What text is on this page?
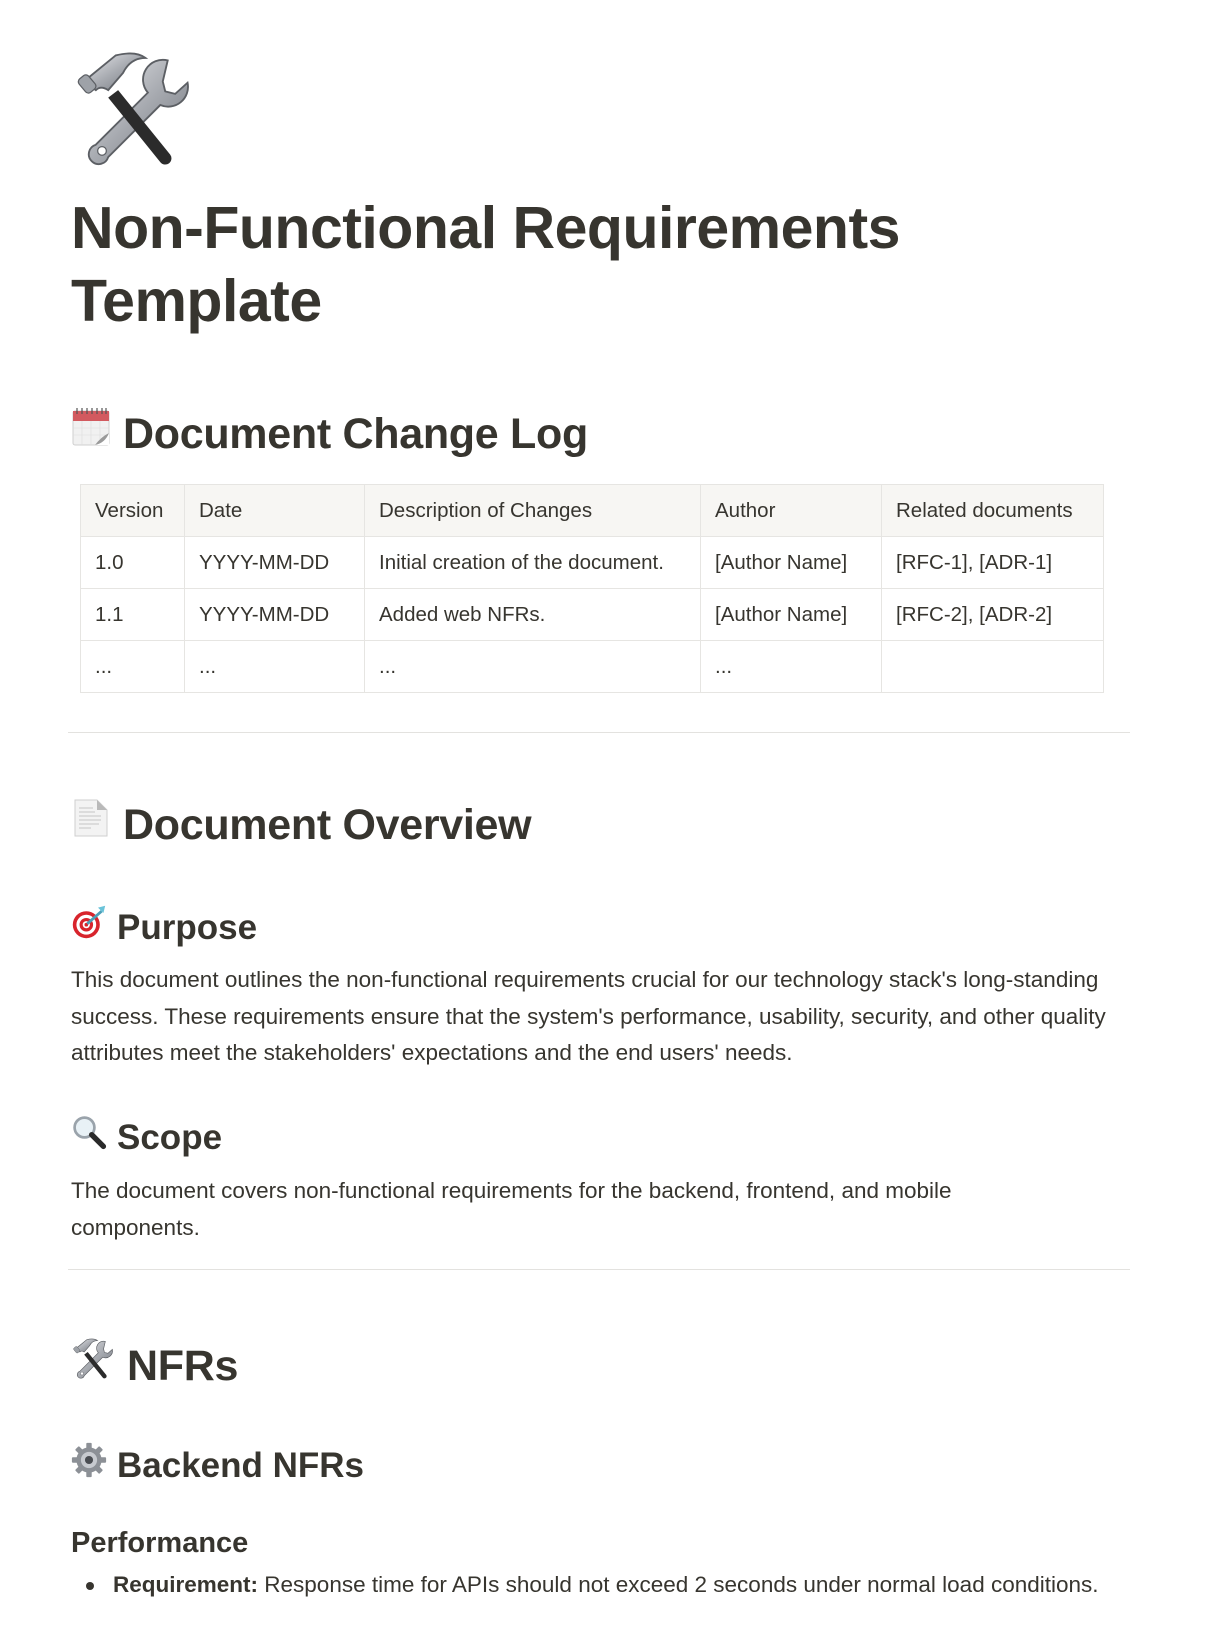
Non-Functional Requirements Template
Document Change Log
Version	Date	Description of Changes	Author	Related documents
1.0	YYYY-MM-DD	Initial creation of the document.	[Author Name]	[RFC-1], [ADR-1]
1.1	YYYY-MM-DD	Added web NFRs.	[Author Name]	[RFC-2], [ADR-2]
...	...	...	...	
Document Overview
Purpose

This document outlines the non-functional requirements crucial for our technology stack's long-standing success. These requirements ensure that the system's performance, usability, security, and other quality attributes meet the stakeholders' expectations and the end users' needs.

Scope

The document covers non-functional requirements for the backend, frontend, and mobile components.

NFRs
Backend NFRs
Performance
Requirement: Response time for APIs should not exceed 2 seconds under normal load conditions.
